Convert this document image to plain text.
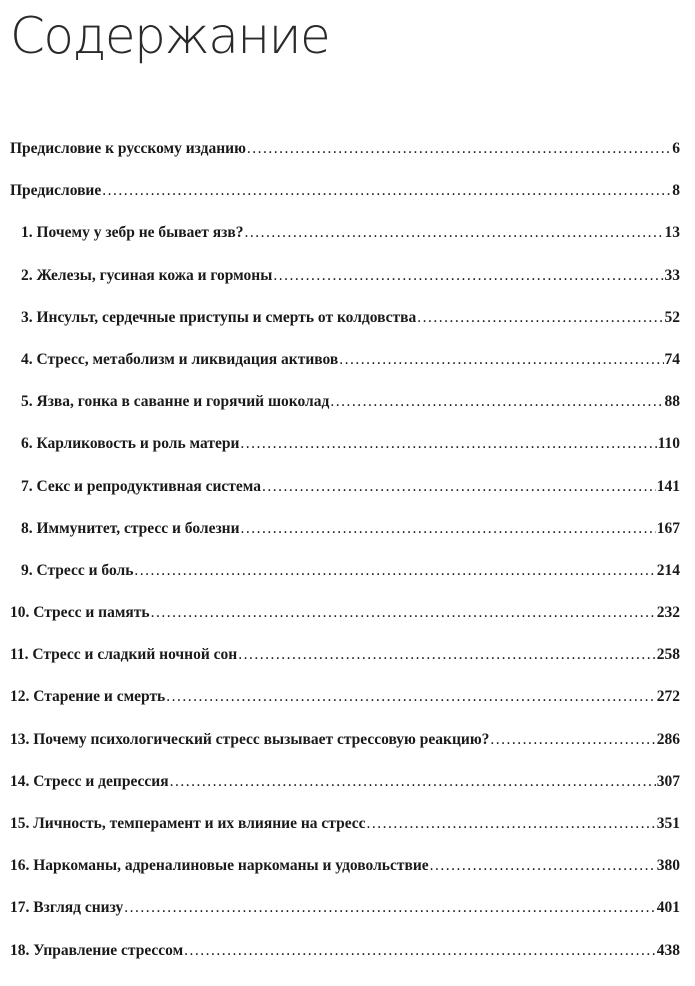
Содержание
Предисловие к русскому изданию .....	6
Предисловие .....	8
1. Почему у зебр не бывает язв? .....	13
2. Железы, гусиная кожа и гормоны .....	33
3. Инсульт, сердечные приступы и смерть от колдовства .....	52
4. Стресс, метаболизм и ликвидация активов .....	74
5. Язва, гонка в саванне и горячий шоколад .....	88
6. Карликовость и роль матери .....	110
7. Секс и репродуктивная система .....	141
8. Иммунитет, стресс и болезни .....	167
9. Стресс и боль .....	214
10. Стресс и память .....	232
11. Стресс и сладкий ночной сон .....	258
12. Старение и смерть .....	272
13. Почему психологический стресс вызывает стрессовую реакцию? .....	286
14. Стресс и депрессия .....	307
15. Личность, темперамент и их влияние на стресс .....	351
16. Наркоманы, адреналиновые наркоманы и удовольствие .....	380
17. Взгляд снизу .....	401
18. Управление стрессом .....	438
